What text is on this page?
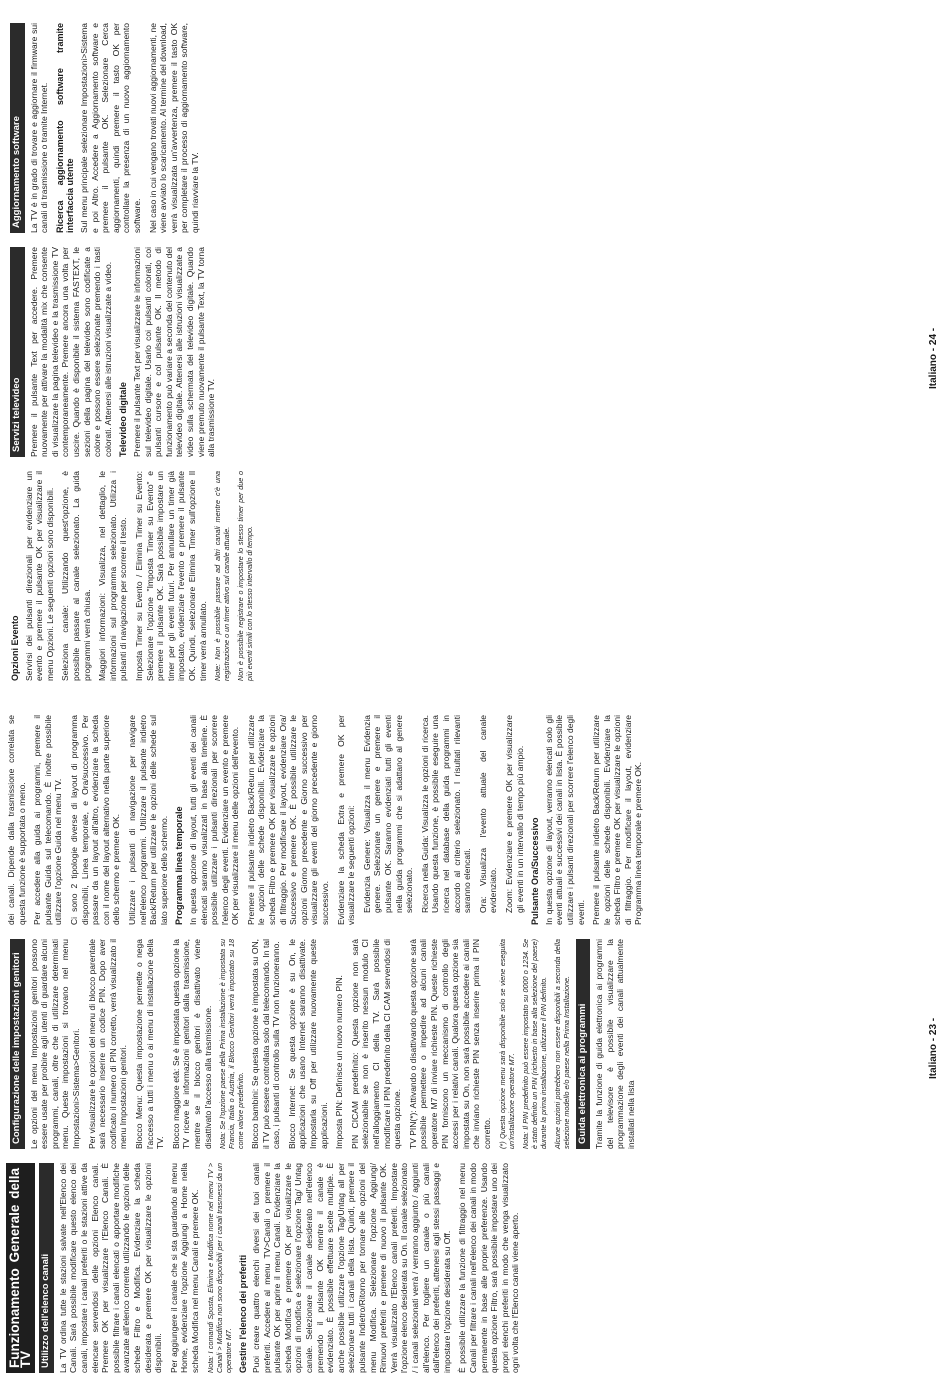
Funzionamento Generale della TV Utilizzo dell'elenco canali La TV ordina tutte le stazioni salvate nell'Elenco dei Canali. Sarà possibile modificare questo elenco dei canali, impostare i canali preferiti o le stazioni attive da elencare servendosi delle opzioni Elenco canali. Premere OK per visualizzare l'Elenco Canali. È possibile filtrare i canali elencati o apportare modifiche avanzate all'elenco corrente utilizzando le opzioni delle schede Filtro e Modifica. Evidenziare la scheda desiderata e premere OK per visualizzare le opzioni disponibili. Per aggiungere il canale che si sta guardando al menu Home, evidenziare l'opzione Aggiungi a Home nella scheda Modifica nel menu Canali e premere OK. Nota: I comandi Sposta, Elimina e Modifica nome nel menu TV > Canali > Modifica non sono disponibili per i canali trasmessi da un operatore M7. Gestire l'elenco dei preferiti Puoi creare quattro elenchi diversi dei tuoi canali preferiti. Accedere al menu TV>Canali o premere il pulsante OK per aprire il menu Canali. Evidenziare la scheda Modifica e premere OK per visualizzare le opzioni di modifica e selezionare l'opzione Tag/ Untag canale. Selezionare il canale desiderato nell'elenco premendo il pulsante OK mentre il canale è evidenziato. È possibile effettuare scelte multiple. È anche possibile utilizzare l'opzione Tag/Untag all per selezionare tutti i canali della lista. Quindi, premere il pulsante Indietro/Ritorno per tornare alle opzioni del menu Modifica. Selezionare l'opzione Aggiungi/ Rimuovi preferiti e premere di nuovo il pulsante OK. Verrà visualizzato l'Elenco canali preferiti. Impostare l'opzione elenco desiderata su On. Il canale selezionato / i canali selezionati verrà / verranno aggiunto / aggiunti all'elenco. Per togliere un canale o più canali dall'elenco dei preferiti, attenersi agli stessi passaggi e impostare l'opzione desiderata su Off. È possibile utilizzare la funzione di filtraggio nel menu Canali per filtrare i canali nell'elenco dei canali in modo permanente in base alle proprie preferenze. Usando questa opzione Filtro, sarà possibile impostare uno dei propri elenchi preferiti in modo che venga visualizzato ogni volta che l'Elenco canali viene aperto.

Configurazione delle impostazioni genitori Le opzioni del menu Impostazioni genitori possono essere usate per proibire agli utenti di guardare alcuni programmi, canali, oltre che di utilizzare determinati menu. Queste impostazioni si trovano nel menu Impostazioni>Sistema>Genitori. Per visualizzare le opzioni del menu di blocco parentale sarà necessario inserire un codice PIN. Dopo aver codificato il numero di PIN corretto, verrà visualizzato il menu Impostazioni genitori. Blocco Menu: Questa impostazione permette o nega l'accesso a tutti i menu o ai menu di installazione della TV. Blocco maggiore età: Se è impostata questa opzione la TV riceve le informazioni genitori dalla trasmissione, mentre se il blocco genitori è disattivato viene disattivato l'accesso alla trasmissione. Nota: Se l'opzione paese della Prima installazione è impostata su Francia, Italia o Austria, il Blocco Genitori verrà impostato su 18 come valore predefinito. Blocco bambini: Se questa opzione è impostata su ON, il TV può essere controllata solo dal telecomando. In tal caso, i pulsanti di controllo sulla TV non funzioneranno. Blocco Internet: Se questa opzione è su On, le applicazioni che usano Internet saranno disattivate. Impostarla su Off per utilizzare nuovamente queste applicazioni. Imposta PIN: Definisce un nuovo numero PIN. PIN CICAM predefinito: Questa opzione non sarà selezionabile se non è inserito nessun modulo CI nell'alloggiamento CI della TV. Sarà possibile modificare il PIN predefinito della CI CAM servendosi di questa opzione. TV PIN(*): Attivando o disattivando questa opzione sarà possibile permettere o impedire ad alcuni canali operatore M7 di inviare richieste PIN. Queste richieste PIN forniscono un meccanismo di controllo degli accessi per i relativi canali. Qualora questa opzione sia impostata su On, non sarà possibile accedere ai canali che inviano richieste PIN senza inserire prima il PIN corretto. (*) Questa opzione menu sarà disponibile solo se viene eseguita un'installazione operatore M7. Nota: Il PIN predefinito può essere impostato su 0000 o 1234. Se è stato definito un PIN (richiesto in base alla selezione del paese) durante la prima installazione, utilizzare il PIN definito. Alcune opzioni potrebbero non essere disponibili a seconda della selezione modello e/o paese nella Prima Installazione. Guida elettronica ai programmi Tramite la funzione di guida elettronica ai programmi del televisore è possibile visualizzare la programmazione degli eventi dei canali attualmente installati nella lista

dei canali. Dipende dalla trasmissione correlata se questa funzione è supportata o meno. Per accedere alla guida ai programmi, premere il pulsante Guida sul telecomando. È inoltre possibile utilizzare l'opzione Guida nel menu TV. Ci sono 2 tipologie diverse di layout di programma disponibili, Linea temporale, e Ora/successivo. Per passare da un layout all'altro, evidenziare la scheda con il nome del layout alternativo nella parte superiore dello schermo e premere OK. Utilizzare i pulsanti di navigazione per navigare nell'elenco programmi. Utilizzare il pulsante indietro Back/Return per utilizzare le opzioni delle schede sul lato superiore dello schermo. Programma linea temporale In questa opzione di layout, tutti gli eventi dei canali elencati saranno visualizzati in base alla timeline. È possibile utilizzare i pulsanti direzionali per scorrere l'elenco degli eventi. Evidenziare un evento e premere OK per visualizzare il menu delle opzioni dell'evento. Premere il pulsante indietro Back/Return per utilizzare le opzioni delle schede disponibili. Evidenziare la scheda Filtro e premere OK per visualizzare le opzioni di filtraggio. Per modificare il layout, evidenziare Ora/ Successivo e premere OK. È possibile utilizzare le opzioni Giorno precedente e Giorno successivo per visualizzare gli eventi del giorno precedente e giorno successivo. Evidenziare la scheda Extra e premere OK per visualizzare le seguenti opzioni: Evidenzia Genere: Visualizza il menu Evidenzia genere. Selezionare un genere e premere il pulsante OK. Saranno evidenziati tutti gli eventi nella guida programmi che si adattano al genere selezionato. Ricerca nella Guida: Visualizza le opzioni di ricerca. Usando questa funzione, è possibile eseguire una ricerca nel database della guida programmi in accordo al criterio selezionato. I risultati rilevanti saranno elencati. Ora: Visualizza l'evento attuale del canale evidenziato. Zoom: Evidenziare e premere OK per visualizzare gli eventi in un intervallo di tempo più ampio. Pulsante Ora/Successivo In questa opzione di layout, verranno elencati solo gli eventi attuali e successivi dei canali in lista. È possibile utilizzare i pulsanti direzionali per scorrere l'elenco degli eventi. Premere il pulsante indietro Back/Return per utilizzare le opzioni delle schede disponibili. Evidenziare la scheda Filtro e premere OK per visualizzare le opzioni di filtraggio. Per modificare il layout, evidenziare Programma linea temporale e premere OK.

Italiano - 23 -
Opzioni Evento Servirsi dei pulsanti direzionali per evidenziare un evento e premere il pulsante OK per visualizzare il menu Opzioni. Le seguenti opzioni sono disponibili. Seleziona canale: Utilizzando quest'opzione, è possibile passare al canale selezionato. La guida programmi verrà chiusa. Maggiori informazioni: Visualizza, nel dettaglio, le informazioni sul programma selezionato. Utilizza i pulsanti di navigazione per scorrere il testo. Imposta Timer su Evento / Elimina Timer su Evento: Selezionare l'opzione "Imposta Timer su Evento" e premere il pulsante OK. Sarà possibile impostare un timer per gli eventi futuri. Per annullare un timer già impostato, evidenziare l'evento e premere il pulsante OK. Quindi, selezionare Elimina Timer sull'opzione Il timer verrà annullato. Note: Non è possibile passare ad altri canali mentre c'è una registrazione o un timer attivo sul canale attuale. Non è possibile registrare o impostare lo stesso timer per due o più eventi simili con lo stesso intervallo di tempo.

Servizi televideo Premere il pulsante Text per accedere. Premere nuovamente per attivare la modalità mix che consente di visualizzare la pagina televideo e la trasmissione TV contemporaneamente. Premere ancora una volta per uscire. Quando è disponibile il sistema FASTEXT, le sezioni della pagina del televideo sono codificate a colore e possono essere selezionate premendo i tasti colorati. Attenersi alle istruzioni visualizzate a video. Televideo digitale Premere il pulsante Text per visualizzare le informazioni sul televideo digitale. Usarlo coi pulsanti colorati, coi pulsanti cursore e col pulsante OK. Il metodo di funzionamento può variare a seconda del contenuto del televideo digitale. Attenersi alle istruzioni visualizzate a video sulla schermata del televideo digitale. Quando viene premuto nuovamente il pulsante Text, la TV torna alla trasmissione TV.

Aggiornamento software La TV è in grado di trovare e aggiornare il firmware sui canali di trasmissione o tramite Internet. Ricerca aggiornamento software tramite interfaccia utente Sul menu principale selezionare Impostazioni>Sistema e poi Altro. Accedere a Aggiornamento software e premere il pulsante OK. Selezionare Cerca aggiornamenti, quindi premere il tasto OK per controllare la presenza di un nuovo aggiornamento software. Nel caso in cui vengano trovati nuovi aggiornamenti, ne viene avviato lo scaricamento. Al termine del download, verrà visualizzata un'avvertenza, premere il tasto OK per completare il processo di aggiornamento software, quindi riavviare la TV.

Italiano - 24 -
